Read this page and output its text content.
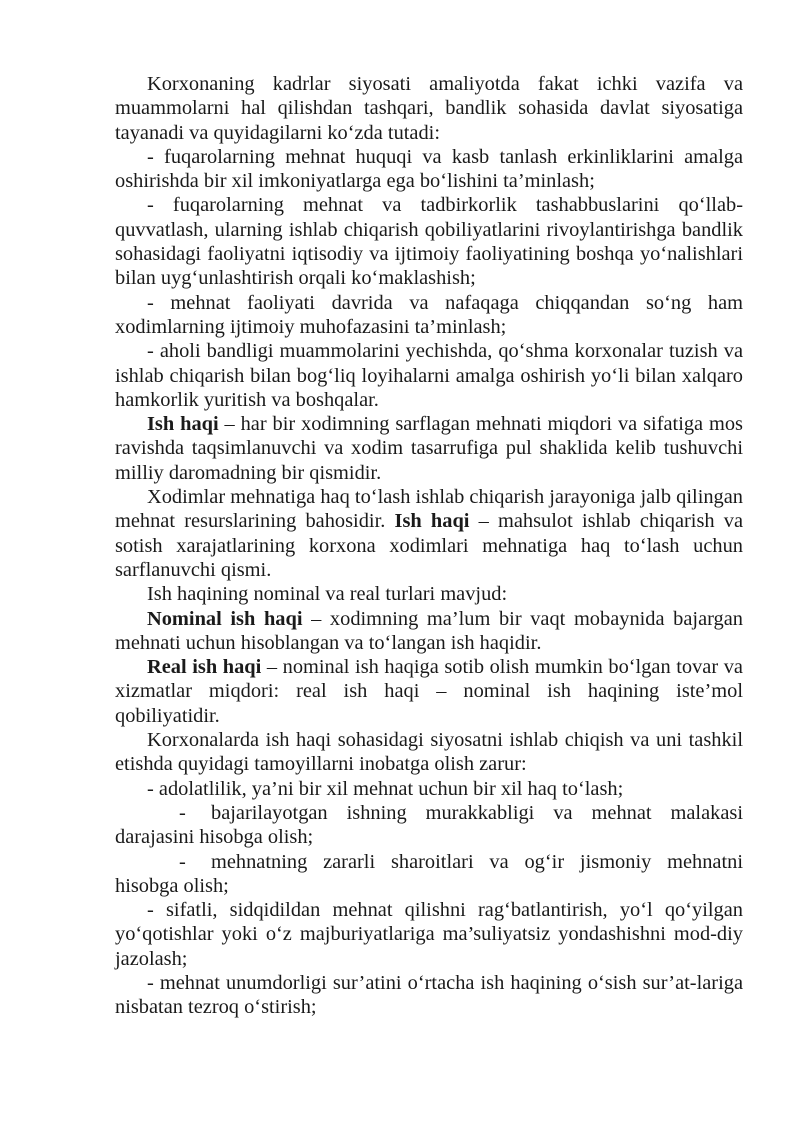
Korxonaning kadrlar siyosati amaliyotda fakat ichki vazifa va muammolarni hal qilishdan tashqari, bandlik sohasida davlat siyosatiga tayanadi va quyidagilarni ko‘zda tutadi:

- fuqarolarning mehnat huquqi va kasb tanlash erkinliklarini amalga oshirishda bir xil imkoniyatlarga ega bo‘lishini ta’minlash;

- fuqarolarning mehnat va tadbirkorlik tashabbuslarini qo‘llab-quvvatlash, ularning ishlab chiqarish qobiliyatlarini rivoylantirishga bandlik sohasidagi faoliyatni iqtisodiy va ijtimoiy faoliyatining boshqa yo‘nalishlari bilan uyg‘unlashtirish orqali ko‘maklashish;

- mehnat faoliyati davrida va nafaqaga chiqqandan so‘ng ham xodimlarning ijtimoiy muhofazasini ta’minlash;

- aholi bandligi muammolarini yechishda, qo‘shma korxonalar tuzish va ishlab chiqarish bilan bog‘liq loyihalarni amalga oshirish yo‘li bilan xalqaro hamkorlik yuritish va boshqalar.

Ish haqi – har bir xodimning sarflagan mehnati miqdori va sifatiga mos ravishda taqsimlanuvchi va xodim tasarrufiga pul shaklida kelib tushuvchi milliy daromadning bir qismidir.

Xodimlar mehnatiga haq to‘lash ishlab chiqarish jarayoniga jalb qilingan mehnat resurslarining bahosidir. Ish haqi – mahsulot ishlab chiqarish va sotish xarajatlarining korxona xodimlari mehnatiga haq to‘lash uchun sarflanuvchi qismi.

Ish haqining nominal va real turlari mavjud:

Nominal ish haqi – xodimning ma’lum bir vaqt mobaynida bajargan mehnati uchun hisoblangan va to‘langan ish haqidir.

Real ish haqi – nominal ish haqiga sotib olish mumkin bo‘lgan tovar va xizmatlar miqdori: real ish haqi – nominal ish haqining iste’mol qobiliyatidir.

Korxonalarda ish haqi sohasidagi siyosatni ishlab chiqish va uni tashkil etishda quyidagi tamoyillarni inobatga olish zarur:

- adolatlilik, ya’ni bir xil mehnat uchun bir xil haq to‘lash;

- bajarilayotgan ishning murakkabligi va mehnat malakasi darajasini hisobga olish;

- mehnatning zararli sharoitlari va og‘ir jismoniy mehnatni hisobga olish;

- sifatli, sidqidildan mehnat qilishni rag‘batlantirish, yo‘l qo‘yilgan yo‘qotishlar yoki o‘z majburiyatlariga ma’suliyatsiz yondashishni mod-diy jazolash;

- mehnat unumdorligi sur’atini o‘rtacha ish haqining o‘sish sur’at-lariga nisbatan tezroq o‘stirish;
